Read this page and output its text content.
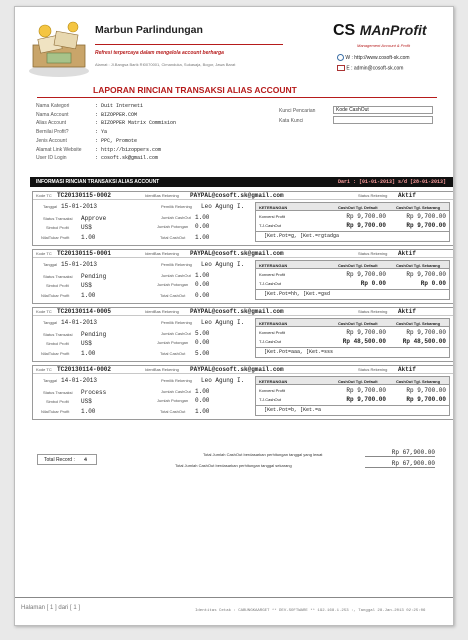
Marbun Parlindungan
Refresi terpercaya dalam mengelola account berharga
Alamat : Jl.Bangsa Barik RI0070001, Cimanduka, Sukasaja, Bogor, Jawa Barat
CS MAnProfit
Management Account & Profit
W : http://www.cosoft-sk.com
E : admin@cosoft-sk.com
LAPORAN RINCIAN TRANSAKSI ALIAS ACCOUNT
Nama Kategori	: Duit Interneti
Nama Account	: BIZOPPER.COM
Alias Account	: BIZOPPER Matrix Commision
Bernilai Profit?	: Ya
Jenis Account	: PPC, Promote
Alamat Link Website	: http://bizoppers.com
User ID Login	: cosoft.sk@gmail.com
Kunci Pencarian	Kode CashOut
Kata Kunci
INFORMASI RINCIAN TRANSAKSI ALIAS ACCOUNT	Dari : [01-01-2013] s/d [28-01-2013]
Kode TC TC20130115-0002	IdentBas Rekening PAYPAL@cosoft.sk@gmail.com	Status Rekening Aktif
Tanggal 15-01-2013	Pemilik Rekening Leo Agung I.
Jumlah CashOut 1.00
Status Transaksi Approve
Jumlah Potongan 0.00
Simbol Profit US$
Total CashOut 1.00
NilaiTukar Profit 1.00
KETERANGAN	CashOut Tgl. Default	CashOut Tgl. Sekarang
Konversi Profit	Rp 9,700.00	Rp 9,700.00
T.J.CashOut	Rp 9,700.00	Rp 9,700.00
[Ket.Pot=g, [Ket.=rgtadga
Kode TC TC20130115-0001	IdentBas Rekening PAYPAL@cosoft.sk@gmail.com	Status Rekening Aktif
Tanggal 15-01-2013	Pemilik Rekening Leo Agung I.
Jumlah CashOut 1.00
Status Transaksi Pending
Jumlah Potongan 0.00
Simbol Profit US$
Total CashOut 0.00
NilaiTukar Profit 1.00
KETERANGAN	CashOut Tgl. Default	CashOut Tgl. Sekarang
Konversi Profit	Rp 9,700.00	Rp 9,700.00
T.J.CashOut	Rp 0.00	Rp 0.00
[Ket.Pot=hh, [Ket.=gsd
Kode TC TC20130114-0005	IdentBas Rekening PAYPAL@cosoft.sk@gmail.com	Status Rekening Aktif
Tanggal 14-01-2013	Pemilik Rekening Leo Agung I.
Jumlah CashOut 5.00
Status Transaksi Pending
Jumlah Potongan 0.00
Simbol Profit US$
Total CashOut 5.00
NilaiTukar Profit 1.00
KETERANGAN	CashOut Tgl. Default	CashOut Tgl. Sekarang
Konversi Profit	Rp 9,700.00	Rp 9,700.00
T.J.CashOut	Rp 48,500.00	Rp 48,500.00
[Ket.Pot=aaa, [Ket.=sss
Kode TC TC20130114-0002	IdentBas Rekening PAYPAL@cosoft.sk@gmail.com	Status Rekening Aktif
Tanggal 14-01-2013	Pemilik Rekening Leo Agung I.
Jumlah CashOut 1.00
Status Transaksi Process
Jumlah Potongan 0.00
Simbol Profit US$
Total CashOut 1.00
NilaiTukar Profit 1.00
KETERANGAN	CashOut Tgl. Default	CashOut Tgl. Sekarang
Konversi Profit	Rp 9,700.00	Rp 9,700.00
T.J.CashOut	Rp 9,700.00	Rp 9,700.00
[Ket.Pot=b, [Ket.=a
Total Jumlah CashOut berdasarkan perhitungan tanggal yang lewat	Rp 67,900.00
Total Jumlah CashOut berdasarkan perhitungan tanggal sekarang	Rp 67,900.00
Total Record : 4
Halaman [ 1 ] dari [ 1 ]	Identitas Cetak : CABUNGKAARGET ** DEV-SOFTWARE ** 192.168.1.253 :, Tanggal 28-Jan-2013 02:25:06
